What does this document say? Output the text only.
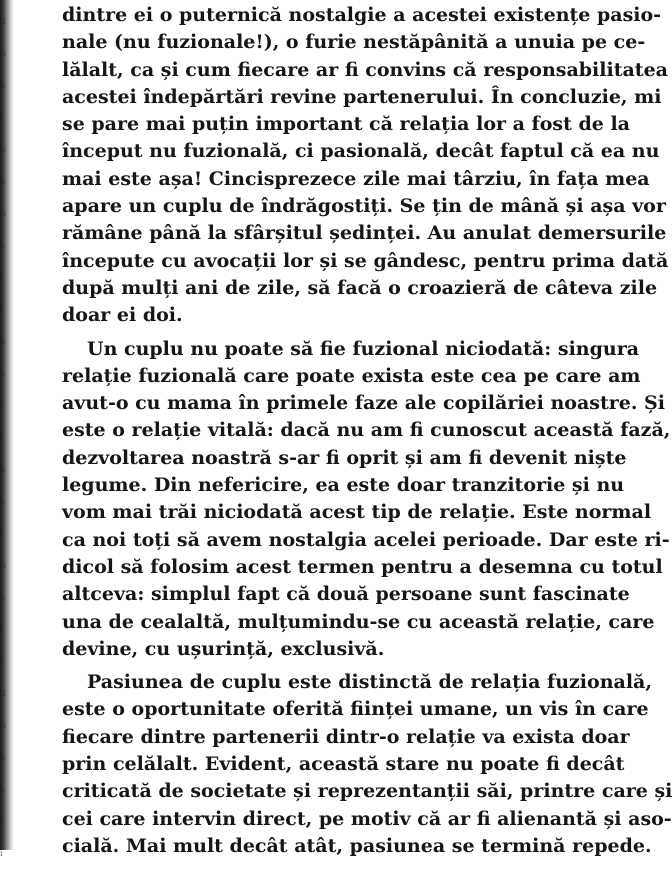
d
n
a
i
o
a
n
s
i
l
a
e
t
i
a
s
i
n
e
i
r
d
n
a
s
t
i
dintre ei o puternică nostalgie a acestei existențe pasio-
nale (nu fuzionale!), o furie nestăpânită a unuia pe ce-
lălalt, ca și cum fiecare ar fi convins că responsabilitatea
acestei îndepărtări revine partenerului. În concluzie, mi
se pare mai puțin important că relația lor a fost de la
început nu fuzională, ci pasională, decât faptul că ea nu
mai este așa! Cincisprezece zile mai târziu, în fața mea
apare un cuplu de îndrăgostiți. Se țin de mână și așa vor
rămâne până la sfârșitul ședinței. Au anulat demersurile
începute cu avocații lor și se gândesc, pentru prima dată
după mulți ani de zile, să facă o croazieră de câteva zile
doar ei doi.
Un cuplu nu poate să fie fuzional niciodată: singura
relație fuzională care poate exista este cea pe care am
avut-o cu mama în primele faze ale copilăriei noastre. Și
este o relație vitală: dacă nu am fi cunoscut această fază,
dezvoltarea noastră s-ar fi oprit și am fi devenit niște
legume. Din nefericire, ea este doar tranzitorie și nu
vom mai trăi niciodată acest tip de relație. Este normal
ca noi toți să avem nostalgia acelei perioade. Dar este ri-
dicol să folosim acest termen pentru a desemna cu totul
altceva: simplul fapt că două persoane sunt fascinate
una de cealaltă, mulțumindu-se cu această relație, care
devine, cu ușurință, exclusivă.
Pasiunea de cuplu este distinctă de relația fuzională,
este o oportunitate oferită ființei umane, un vis în care
fiecare dintre partenerii dintr-o relație va exista doar
prin celălalt. Evident, această stare nu poate fi decât
criticată de societate și reprezentanții săi, printre care și
cei care intervin direct, pe motiv că ar fi alienantă și aso-
cială. Mai mult decât atât, pasiunea se termină repede.
